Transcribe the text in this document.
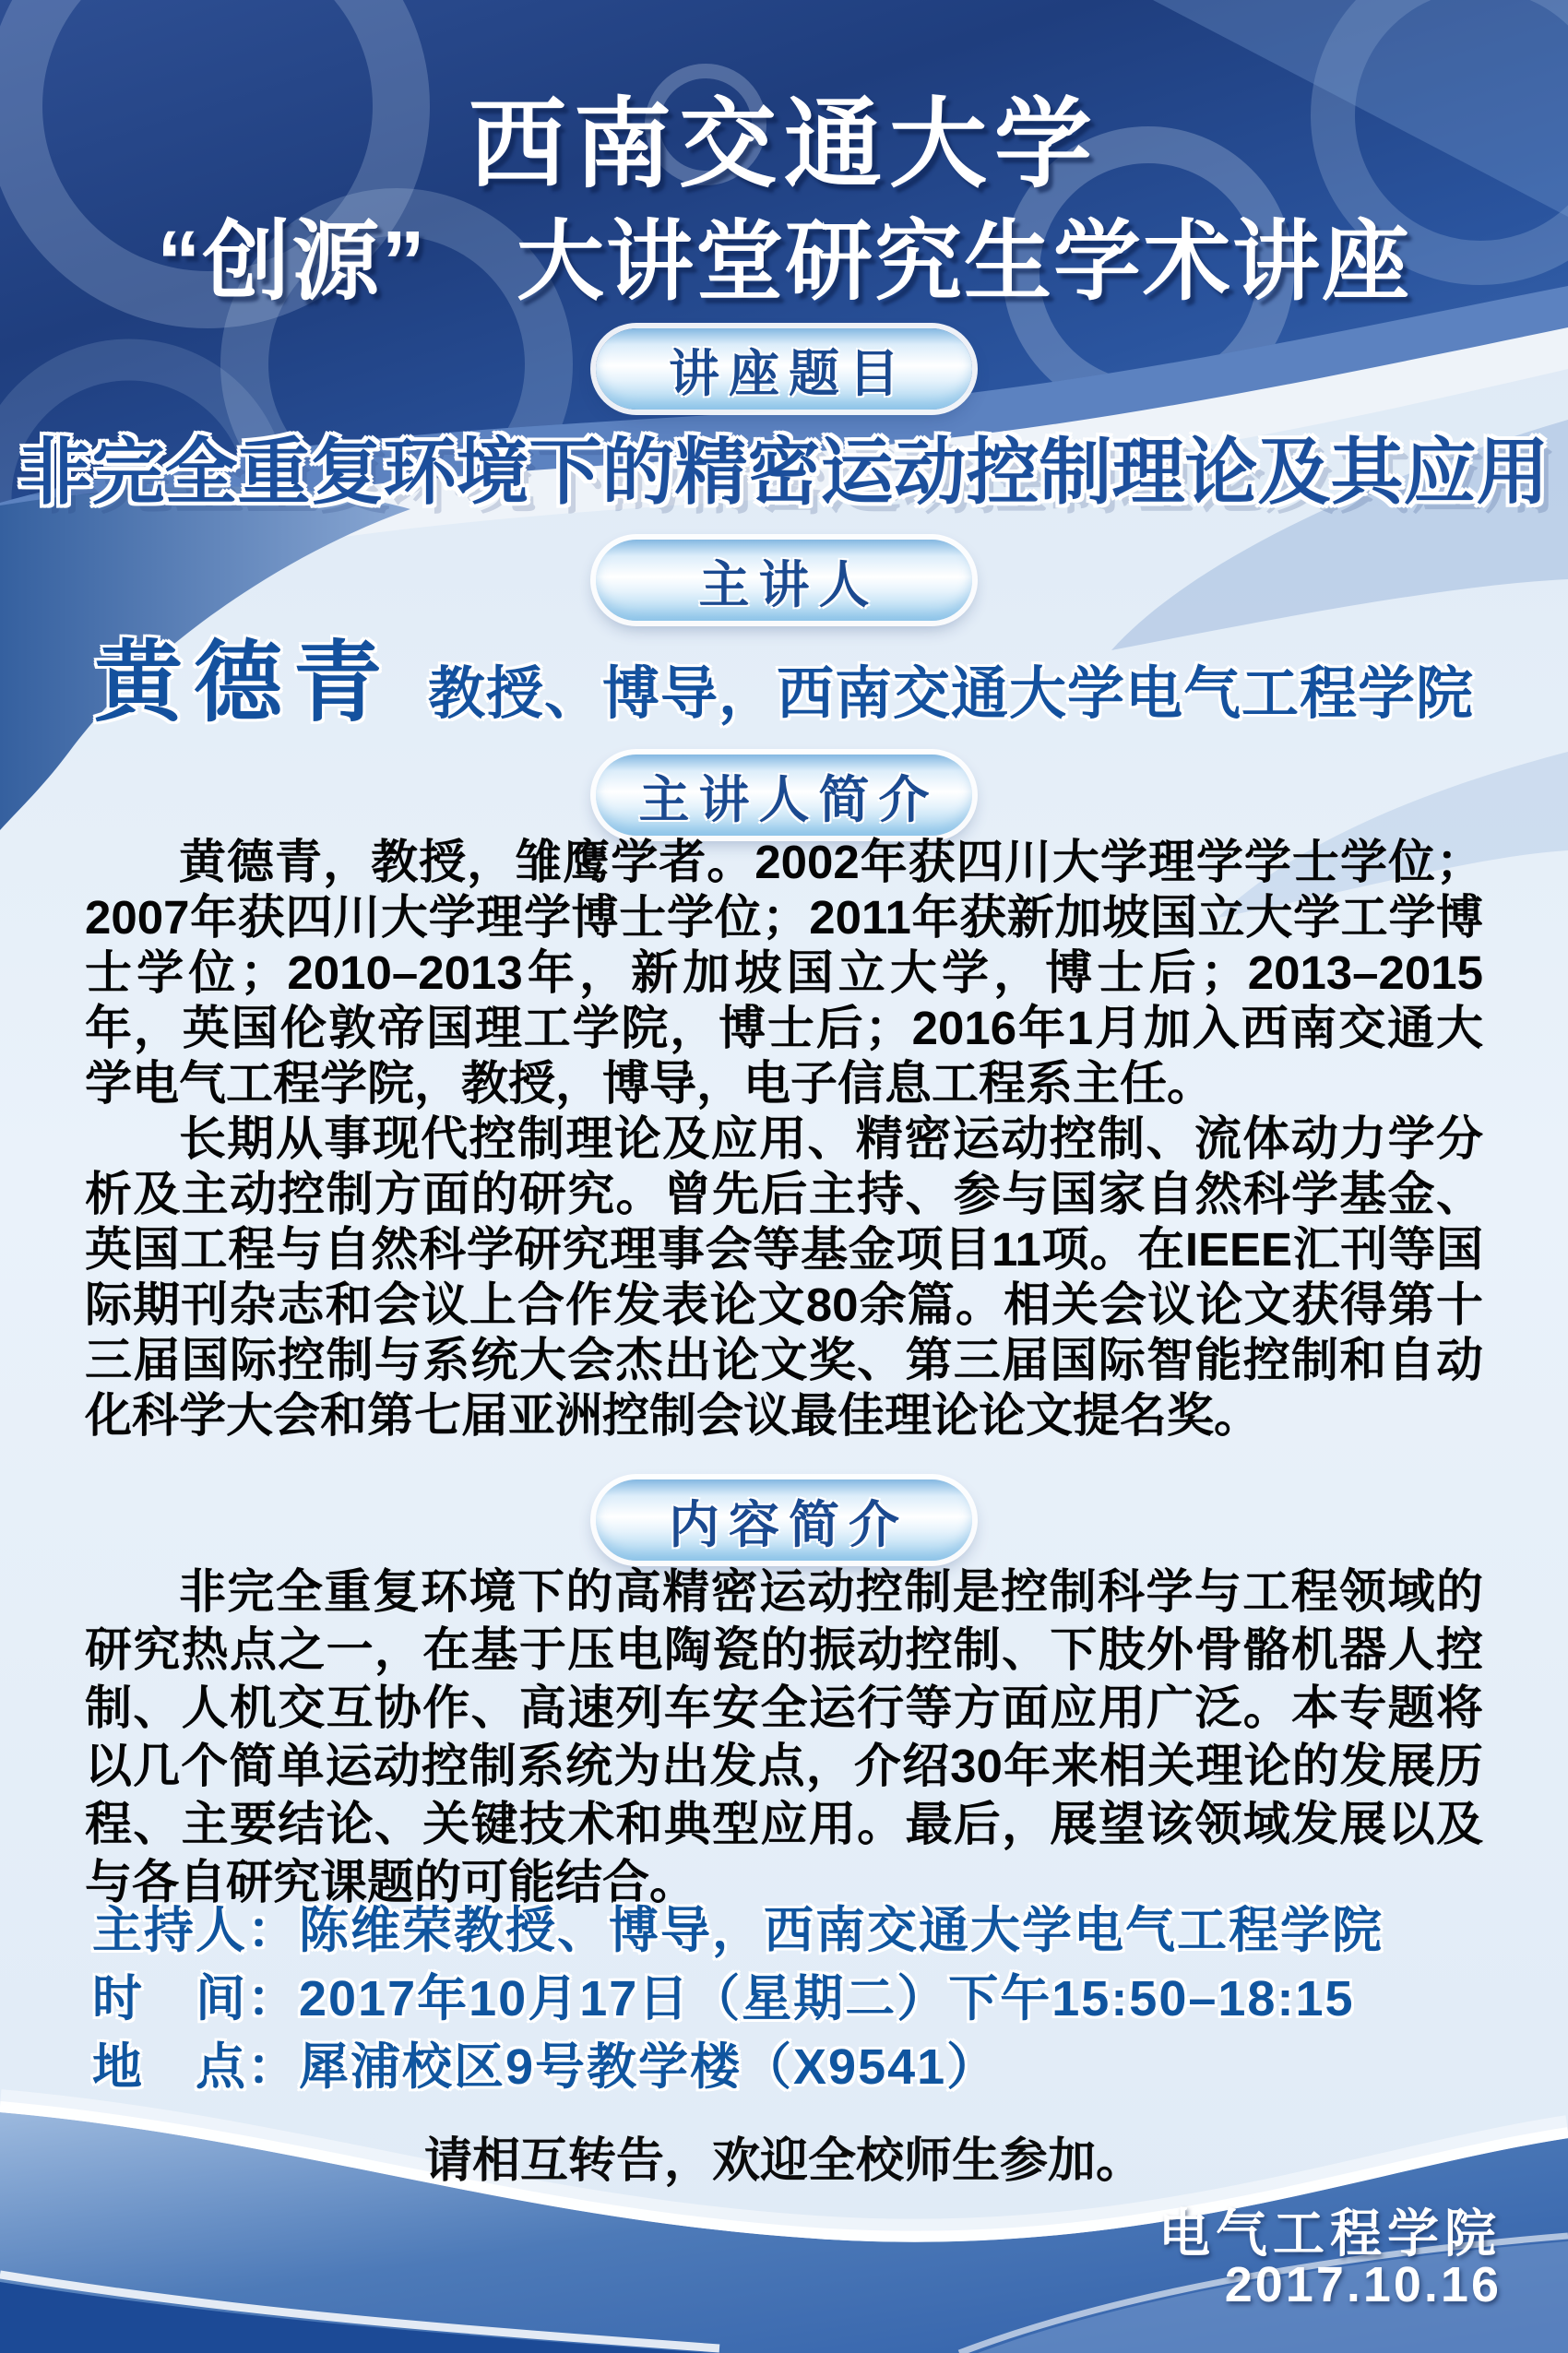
西南交通大学
“创源”　大讲堂研究生学术讲座
讲座题目
非完全重复环境下的精密运动控制理论及其应用
主讲人
黄德青 教授、博导，西南交通大学电气工程学院
主讲人简介

黄德青，教授，雏鹰学者。2002年获四川大学理学学士学位；2007年获四川大学理学博士学位；2011年获新加坡国立大学工学博士学位；2010–2013年，新加坡国立大学，博士后；2013–2015年，英国伦敦帝国理工学院，博士后；2016年1月加入西南交通大学电气工程学院，教授，博导，电子信息工程系主任。

长期从事现代控制理论及应用、精密运动控制、流体动力学分析及主动控制方面的研究。曾先后主持、参与国家自然科学基金、英国工程与自然科学研究理事会等基金项目11项。在IEEE汇刊等国际期刊杂志和会议上合作发表论文80余篇。相关会议论文获得第十三届国际控制与系统大会杰出论文奖、第三届国际智能控制和自动化科学大会和第七届亚洲控制会议最佳理论论文提名奖。

内容简介

非完全重复环境下的高精密运动控制是控制科学与工程领域的研究热点之一，在基于压电陶瓷的振动控制、下肢外骨骼机器人控制、人机交互协作、高速列车安全运行等方面应用广泛。本专题将以几个简单运动控制系统为出发点，介绍30年来相关理论的发展历程、主要结论、关键技术和典型应用。最后，展望该领域发展以及与各自研究课题的可能结合。

主持人：陈维荣教授、博导，西南交通大学电气工程学院
时　间：2017年10月17日（星期二）下午15:50–18:15
地　点：犀浦校区9号教学楼（X9541）
请相互转告，欢迎全校师生参加。
电气工程学院
2017.10.16
